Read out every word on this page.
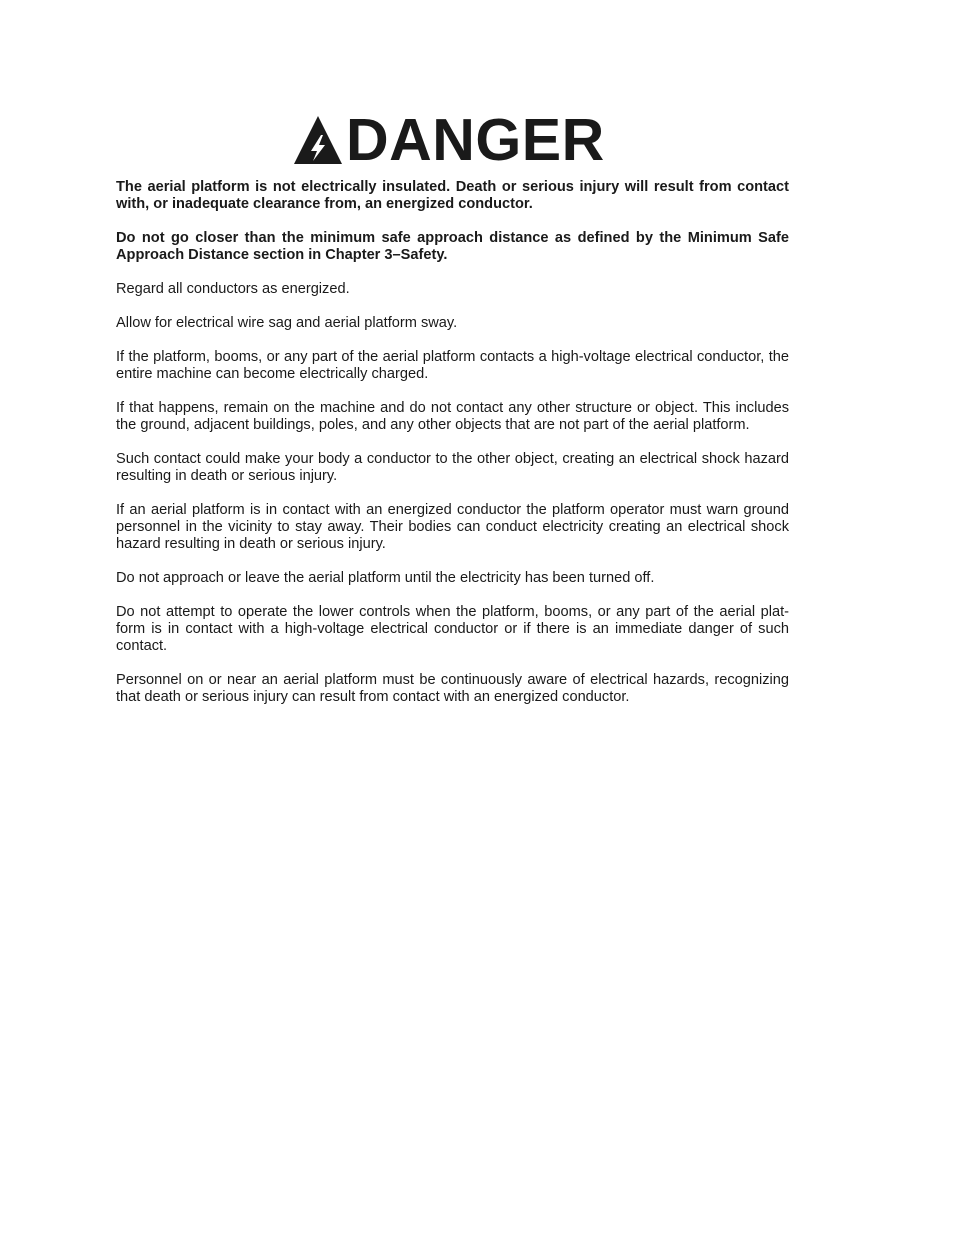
DANGER

The aerial platform is not electrically insulated. Death or serious injury will result from contact with, or inadequate clearance from, an energized conductor.

Do not go closer than the minimum safe approach distance as defined by the Minimum Safe Approach Distance section in Chapter 3–Safety.

Regard all conductors as energized.

Allow for electrical wire sag and aerial platform sway.

If the platform, booms, or any part of the aerial platform contacts a high-voltage electrical conductor, the entire machine can become electrically charged.

If that happens, remain on the machine and do not contact any other structure or object. This includes the ground, adjacent buildings, poles, and any other objects that are not part of the aerial platform.

Such contact could make your body a conductor to the other object, creating an electrical shock hazard resulting in death or serious injury.

If an aerial platform is in contact with an energized conductor the platform operator must warn ground personnel in the vicinity to stay away. Their bodies can conduct electricity creating an electrical shock hazard resulting in death or serious injury.

Do not approach or leave the aerial platform until the electricity has been turned off.

Do not attempt to operate the lower controls when the platform, booms, or any part of the aerial plat-form is in contact with a high-voltage electrical conductor or if there is an immediate danger of such contact.

Personnel on or near an aerial platform must be continuously aware of electrical hazards, recognizing that death or serious injury can result from contact with an energized conductor.
